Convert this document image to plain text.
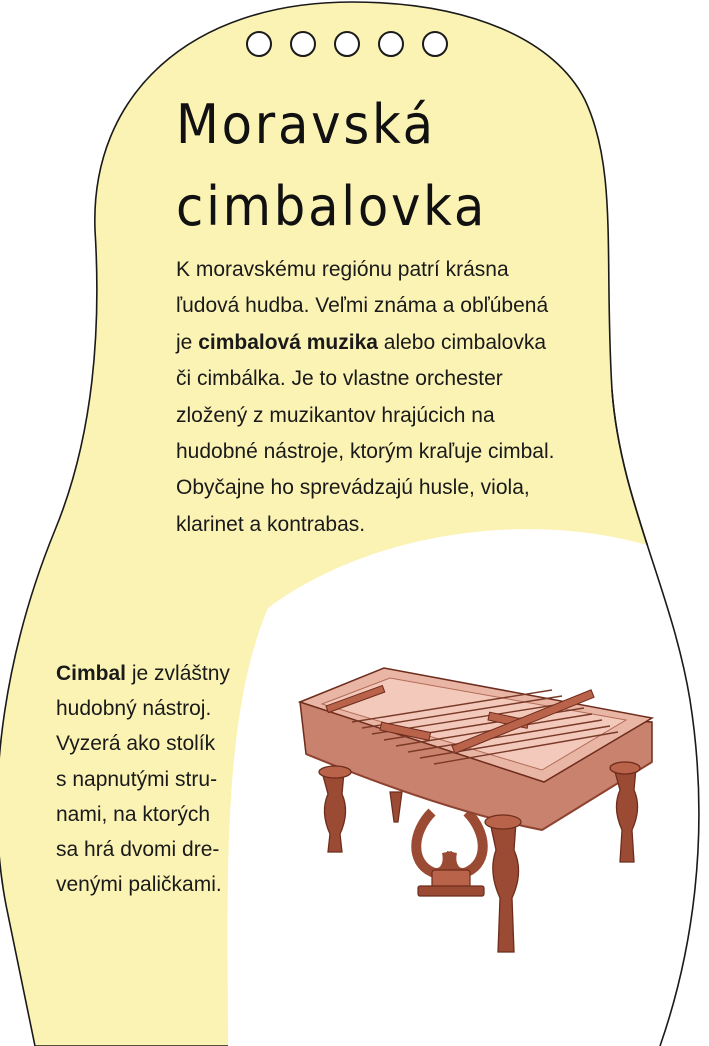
Moravská
cimbalovka

K moravskému regiónu patrí krásna ľudová hudba. Veľmi známa a obľúbená je cimbalová muzika alebo cimbalovka či cimbálka. Je to vlastne orchester zložený z muzikantov hrajúcich na hudobné nástroje, ktorým kraľuje cimbal. Obyčajne ho sprevádzajú husle, viola, klarinet a kontrabas.

Cimbal je zvláštny
hudobný nástroj.
Vyzerá ako stolík
s napnutými stru-
nami, na ktorých
sa hrá dvomi dre-
venými paličkami.
